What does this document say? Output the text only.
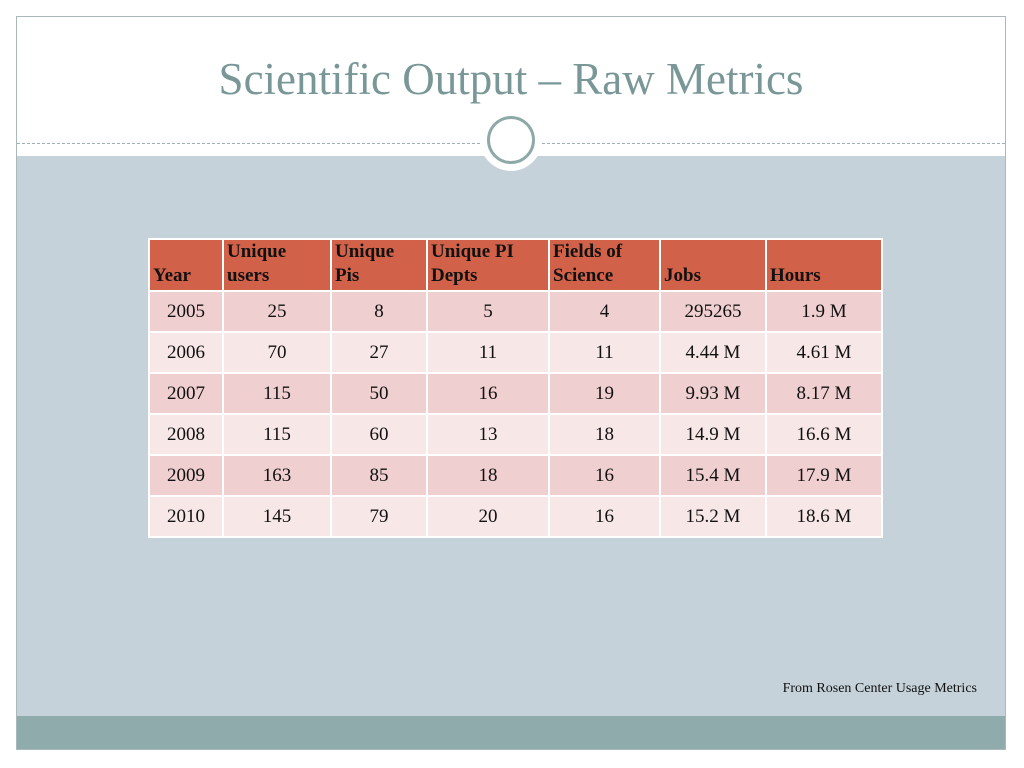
Scientific Output – Raw Metrics
Year	Unique users	Unique Pis	Unique PI Depts	Fields of Science	Jobs	Hours
2005	25	8	5	4	295265	1.9 M
2006	70	27	11	11	4.44 M	4.61 M
2007	115	50	16	19	9.93 M	8.17 M
2008	115	60	13	18	14.9 M	16.6 M
2009	163	85	18	16	15.4 M	17.9 M
2010	145	79	20	16	15.2 M	18.6 M
From Rosen Center Usage Metrics
